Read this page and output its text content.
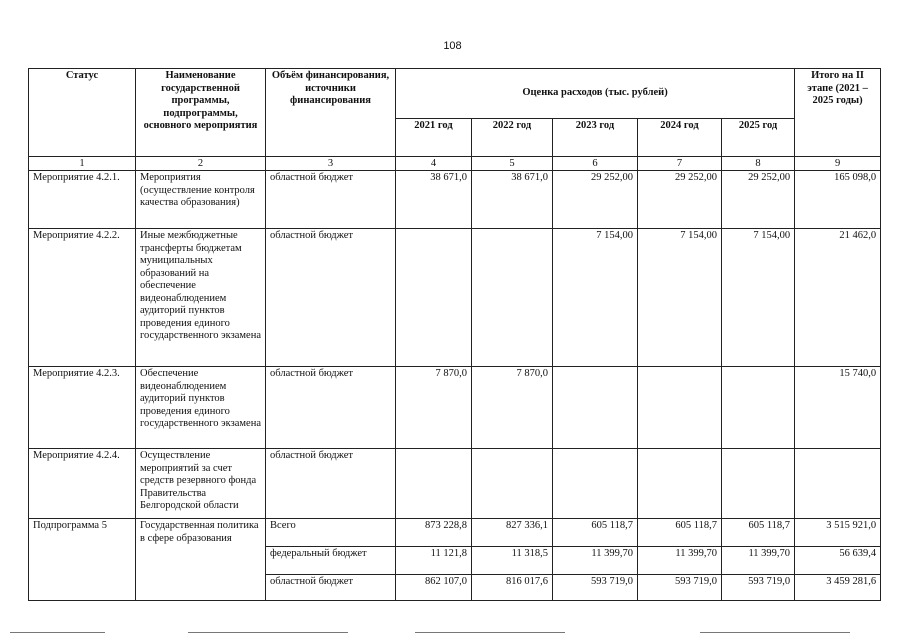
108
Статус	Наименование государственной программы, подпрограммы, основного мероприятия	Объём финансирования, источники финансирования	Оценка расходов (тыс. рублей)					Итого на II этапе (2021 – 2025 годы)
			2021 год	2022 год	2023 год	2024 год	2025 год	
1	2	3	4	5	6	7	8	9
Мероприятие 4.2.1.	Мероприятия (осуществление контроля качества образования)	областной бюджет	38 671,0	38 671,0	29 252,00	29 252,00	29 252,00	165 098,0
Мероприятие 4.2.2.	Иные межбюджетные трансферты бюджетам муниципальных образований на обеспечение видеонаблюдением аудиторий пунктов проведения единого государственного экзамена	областной бюджет			7 154,00	7 154,00	7 154,00	21 462,0
Мероприятие 4.2.3.	Обеспечение видеонаблюдением аудиторий пунктов проведения единого государственного экзамена	областной бюджет	7 870,0	7 870,0				15 740,0
Мероприятие 4.2.4.	Осуществление мероприятий за счет средств резервного фонда Правительства Белгородской области	областной бюджет						
Подпрограмма 5	Государственная политика в сфере образования	Всего	873 228,8	827 336,1	605 118,7	605 118,7	605 118,7	3 515 921,0
		федеральный бюджет	11 121,8	11 318,5	11 399,70	11 399,70	11 399,70	56 639,4
		областной бюджет	862 107,0	816 017,6	593 719,0	593 719,0	593 719,0	3 459 281,6
